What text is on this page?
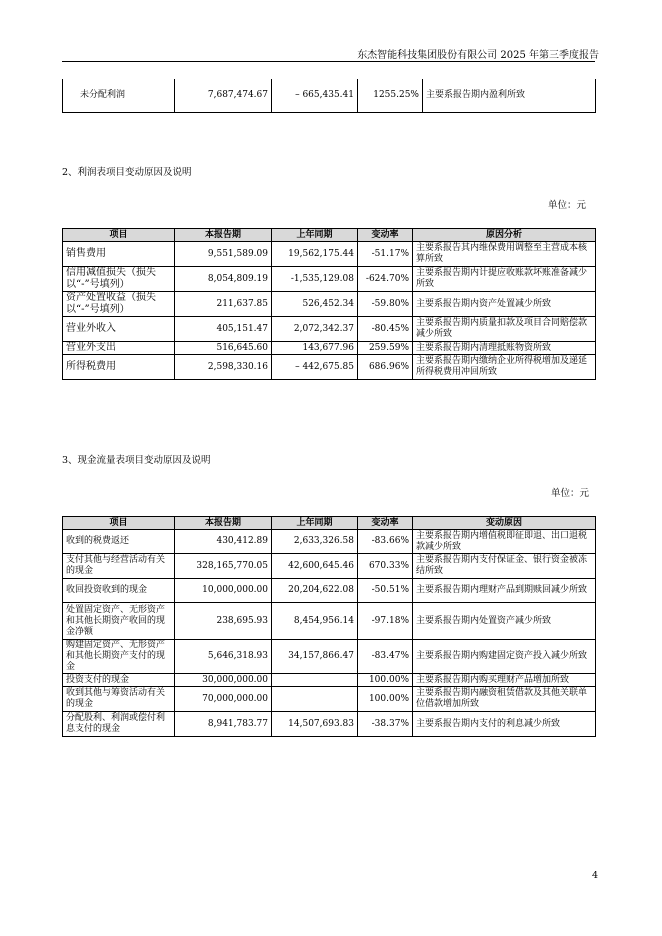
东杰智能科技集团股份有限公司 2025 年第三季度报告
未分配利润	7,687,474.67	– 665,435.41	1255.25%	主要系报告期内盈利所致
2、利润表项目变动原因及说明
单位：元
项目	本报告期	上年同期	变动率	原因分析
销售费用	9,551,589.09	19,562,175.44	-51.17%	主要系报告其内维保费用调整至主营成本核算所致
信用减值损失（损失以“-”号填列）	8,054,809.19	-1,535,129.08	-624.70%	主要系报告期内计提应收账款坏账准备减少所致
资产处置收益（损失以“-”号填列）	211,637.85	526,452.34	-59.80%	主要系报告期内资产处置减少所致
营业外收入	405,151.47	2,072,342.37	-80.45%	主要系报告期内质量扣款及项目合同赔偿款减少所致
营业外支出	516,645.60	143,677.96	259.59%	主要系报告期内清理抵账物资所致
所得税费用	2,598,330.16	– 442,675.85	686.96%	主要系报告期内缴纳企业所得税增加及递延所得税费用冲回所致
3、现金流量表项目变动原因及说明
单位：元
项目	本报告期	上年同期	变动率	变动原因
收到的税费返还	430,412.89	2,633,326.58	-83.66%	主要系报告期内增值税即征即退、出口退税款减少所致
支付其他与经营活动有关的现金	328,165,770.05	42,600,645.46	670.33%	主要系报告期内支付保证金、银行资金被冻结所致
收回投资收到的现金	10,000,000.00	20,204,622.08	-50.51%	主要系报告期内理财产品到期赎回减少所致
处置固定资产、无形资产和其他长期资产收回的现金净额	238,695.93	8,454,956.14	-97.18%	主要系报告期内处置资产减少所致
购建固定资产、无形资产和其他长期资产支付的现金	5,646,318.93	34,157,866.47	-83.47%	主要系报告期内购建固定资产投入减少所致
投资支付的现金	30,000,000.00		100.00%	主要系报告期内购买理财产品增加所致
收到其他与筹资活动有关的现金	70,000,000.00		100.00%	主要系报告期内融资租赁借款及其他关联单位借款增加所致
分配股利、利润或偿付利息支付的现金	8,941,783.77	14,507,693.83	-38.37%	主要系报告期内支付的利息减少所致
4
